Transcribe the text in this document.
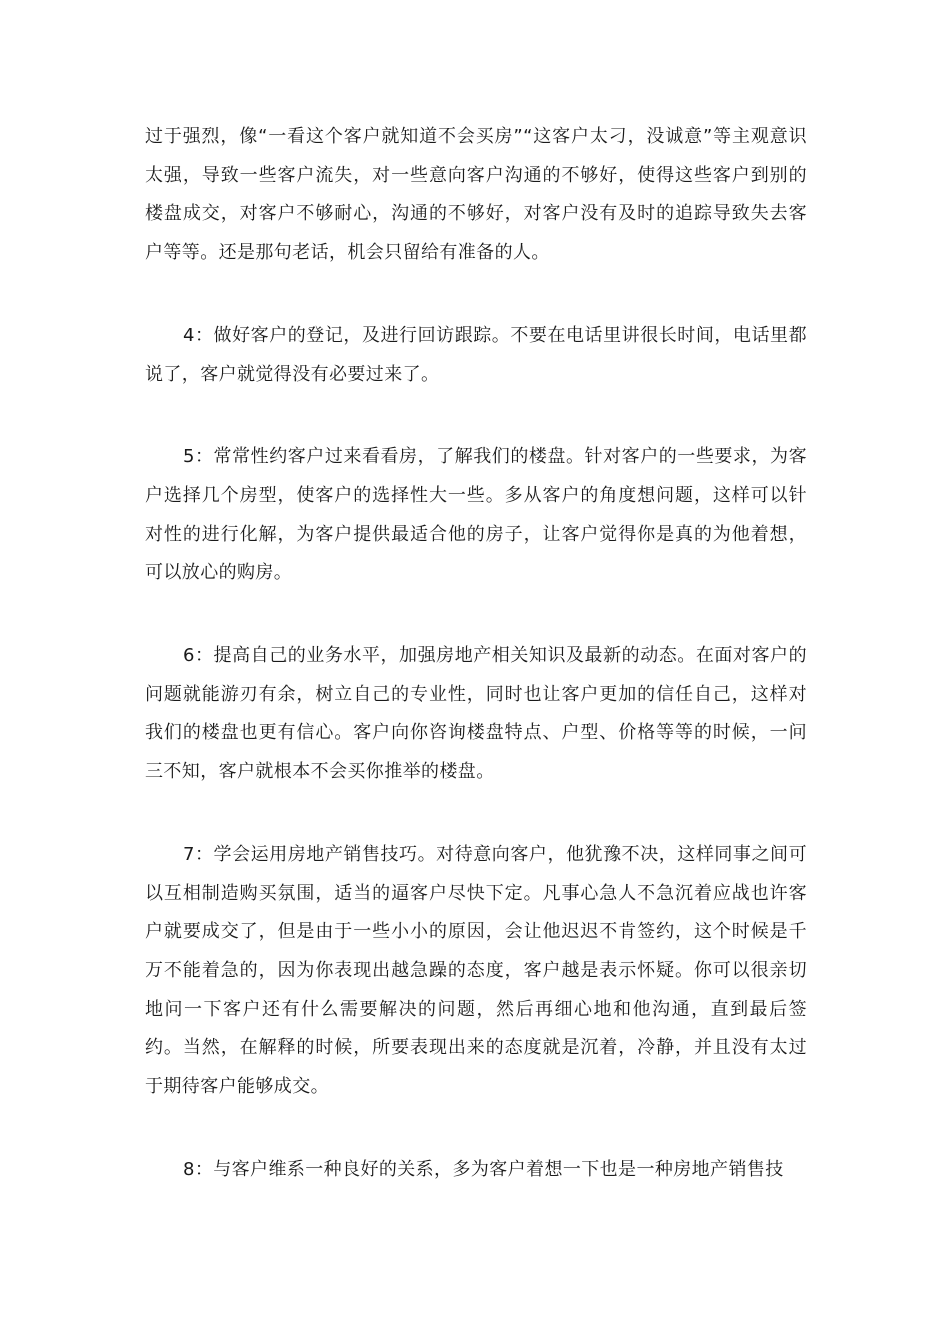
过于强烈，像“一看这个客户就知道不会买房”“这客户太刁，没诚意”等主观意识太强，导致一些客户流失，对一些意向客户沟通的不够好，使得这些客户到别的楼盘成交，对客户不够耐心，沟通的不够好，对客户没有及时的追踪导致失去客户等等。还是那句老话，机会只留给有准备的人。

4：做好客户的登记，及进行回访跟踪。不要在电话里讲很长时间，电话里都说了，客户就觉得没有必要过来了。

5：常常性约客户过来看看房，了解我们的楼盘。针对客户的一些要求，为客户选择几个房型，使客户的选择性大一些。多从客户的角度想问题，这样可以针对性的进行化解，为客户提供最适合他的房子，让客户觉得你是真的为他着想，可以放心的购房。

6：提高自己的业务水平，加强房地产相关知识及最新的动态。在面对客户的问题就能游刃有余，树立自己的专业性，同时也让客户更加的信任自己，这样对我们的楼盘也更有信心。客户向你咨询楼盘特点、户型、价格等等的时候，一问三不知，客户就根本不会买你推举的楼盘。

7：学会运用房地产销售技巧。对待意向客户，他犹豫不决，这样同事之间可以互相制造购买氛围，适当的逼客户尽快下定。凡事心急人不急沉着应战也许客户就要成交了，但是由于一些小小的原因，会让他迟迟不肯签约，这个时候是千万不能着急的，因为你表现出越急躁的态度，客户越是表示怀疑。你可以很亲切地问一下客户还有什么需要解决的问题，然后再细心地和他沟通，直到最后签约。当然，在解释的时候，所要表现出来的态度就是沉着，冷静，并且没有太过于期待客户能够成交。

8：与客户维系一种良好的关系，多为客户着想一下也是一种房地产销售技
